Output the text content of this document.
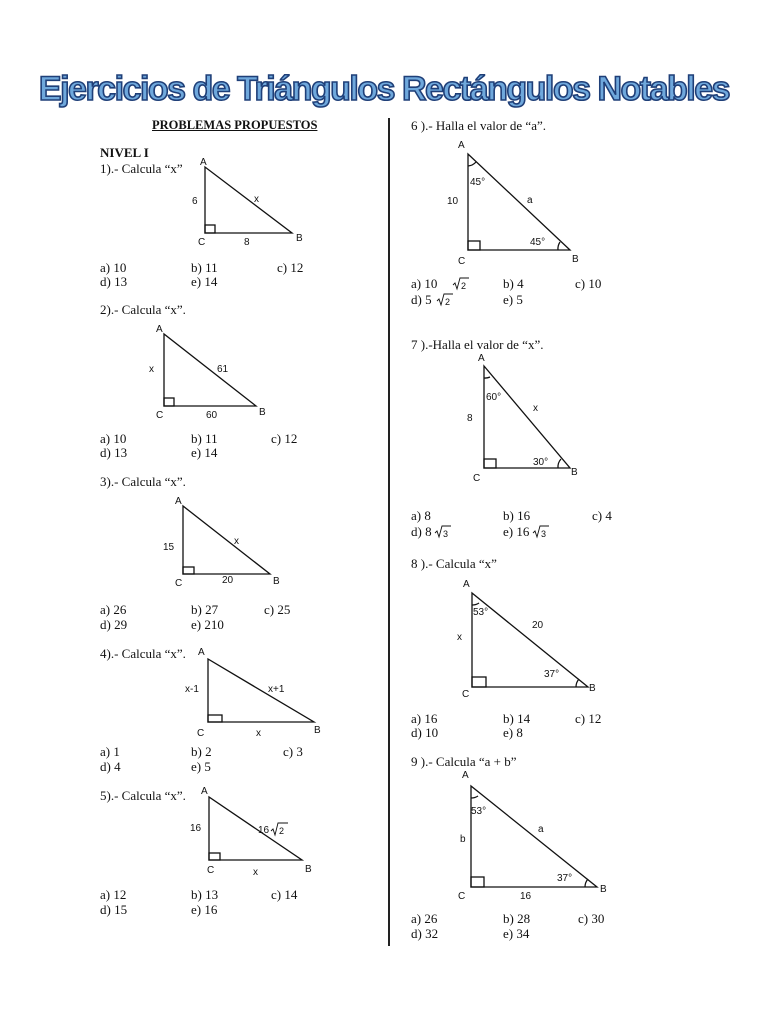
Ejercicios de Triángulos Rectángulos Notables
PROBLEMAS PROPUESTOS
NIVEL I
1).- Calcula “x” A
B
C
6	x
8
a) 10	b) 11	c) 12
d) 13	e) 14
2).- Calcula “x”.
A
B
C
x	61
60
a) 10	b) 11	c) 12
d) 13	e) 14
3).- Calcula “x”.
A
B
C
15
x
20
a) 26	b) 27	c) 25
d) 29	e) 210
4).- Calcula “x”. A
B
C
x-1	x+1
x
a) 1	b) 2	c) 3
d) 4	e) 5
5).- Calcula “x”. A
B
16	16 2
x
C
a) 12	b) 13	c) 14
d) 15	e) 16
6 ).- Halla el valor de “a”.
A
B
C
10	a
45°
45°
a) 10	2	b) 4	c) 10
d) 5 2	e) 5
7 ).-Halla el valor de “x”.
A
B
C
8
x
60°
30°
a) 8	b) 16	c) 4
d) 8 3	e) 16 3
8 ).- Calcula “x”
A
B
C
x
20
53°
37°
a) 16	b) 14	c) 12
d) 10	e) 8
9 ).- Calcula “a + b”
A
B
C
b
a
16
53°
37°
a) 26	b) 28	c) 30
d) 32	e) 34
